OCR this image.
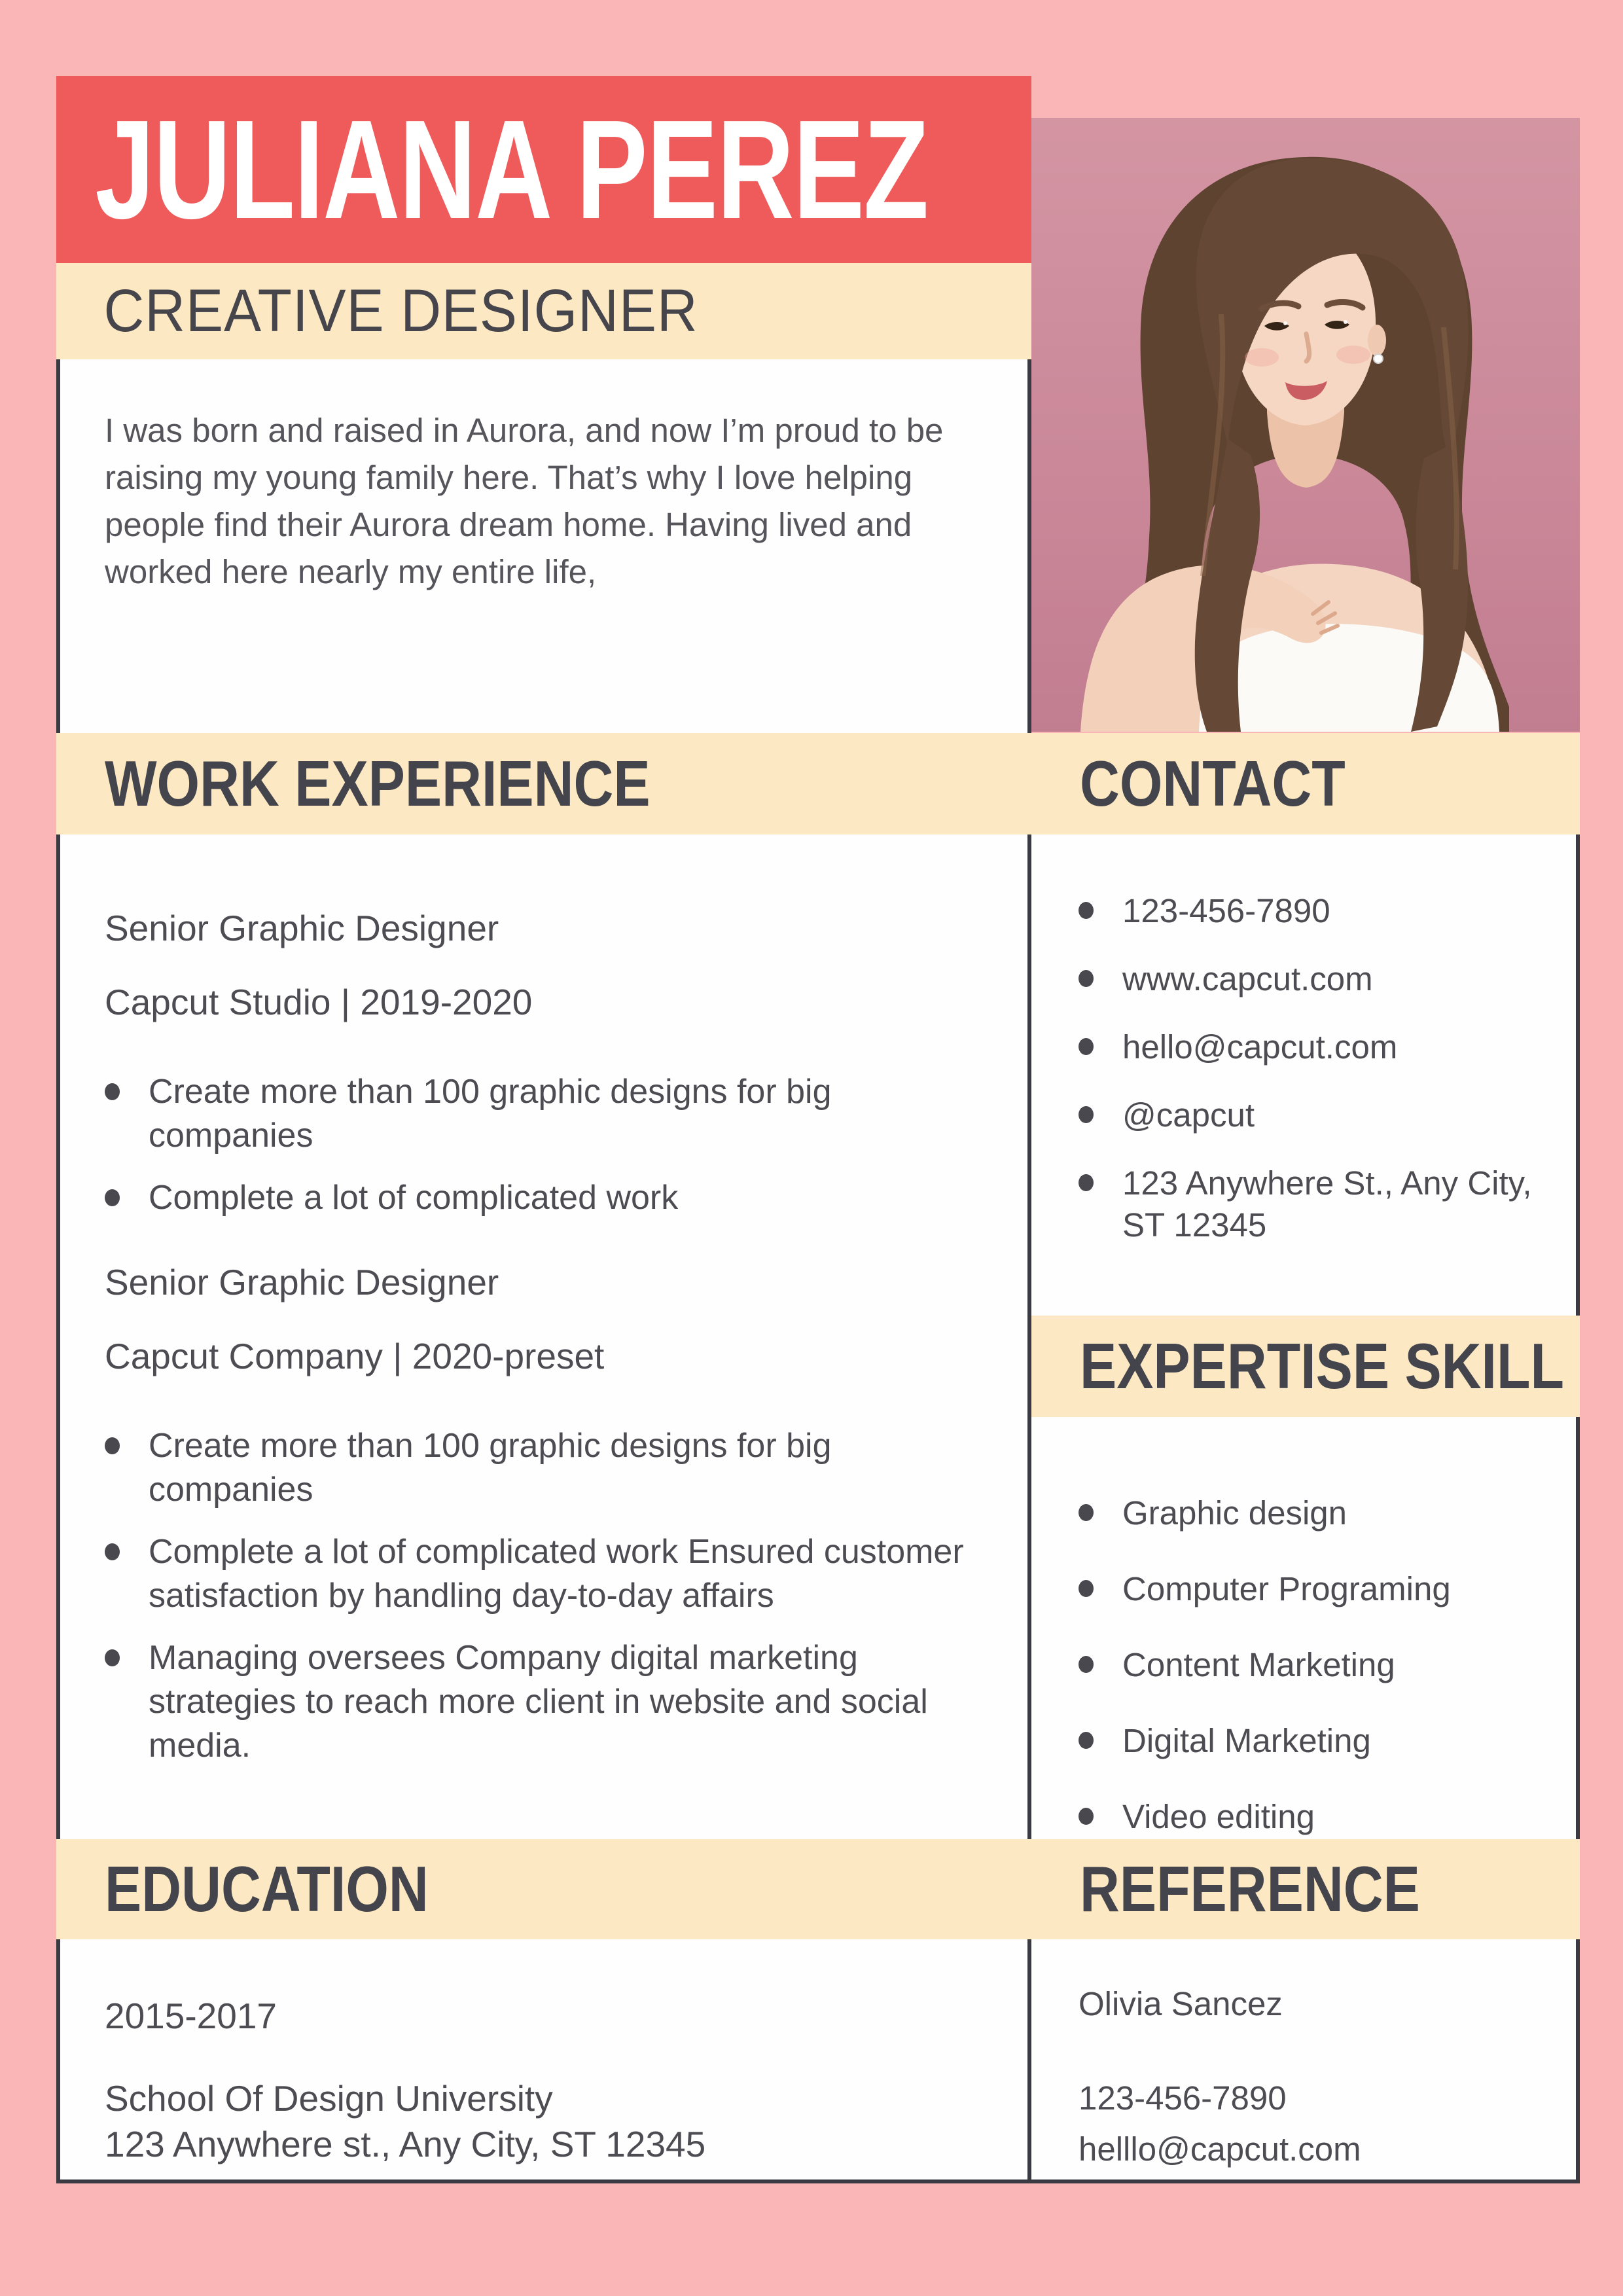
JULIANA PEREZ
CREATIVE DESIGNER
I was born and raised in Aurora, and now I’m proud to be raising my young family here. That’s why I love helping people find their Aurora dream home. Having lived and worked here nearly my entire life,
WORK EXPERIENCE	CONTACT
Senior Graphic Designer
Capcut Studio | 2019-2020
Create more than 100 graphic designs for big companies
Complete a lot of complicated work
Senior Graphic Designer
Capcut Company | 2020-preset
Create more than 100 graphic designs for big companies
Complete a lot of complicated work Ensured customer satisfaction by handling day-to-day affairs
Managing oversees Company digital marketing strategies to reach more client in website and social media.
123-456-7890
www.capcut.com
hello@capcut.com
@capcut
123 Anywhere St., Any City, ST 12345
EXPERTISE SKILL
Graphic design
Computer Programing
Content Marketing
Digital Marketing
Video editing
EDUCATION	REFERENCE
2015-2017
School Of Design University
123 Anywhere st., Any City, ST 12345
Olivia Sancez
123-456-7890
helllo@capcut.com
